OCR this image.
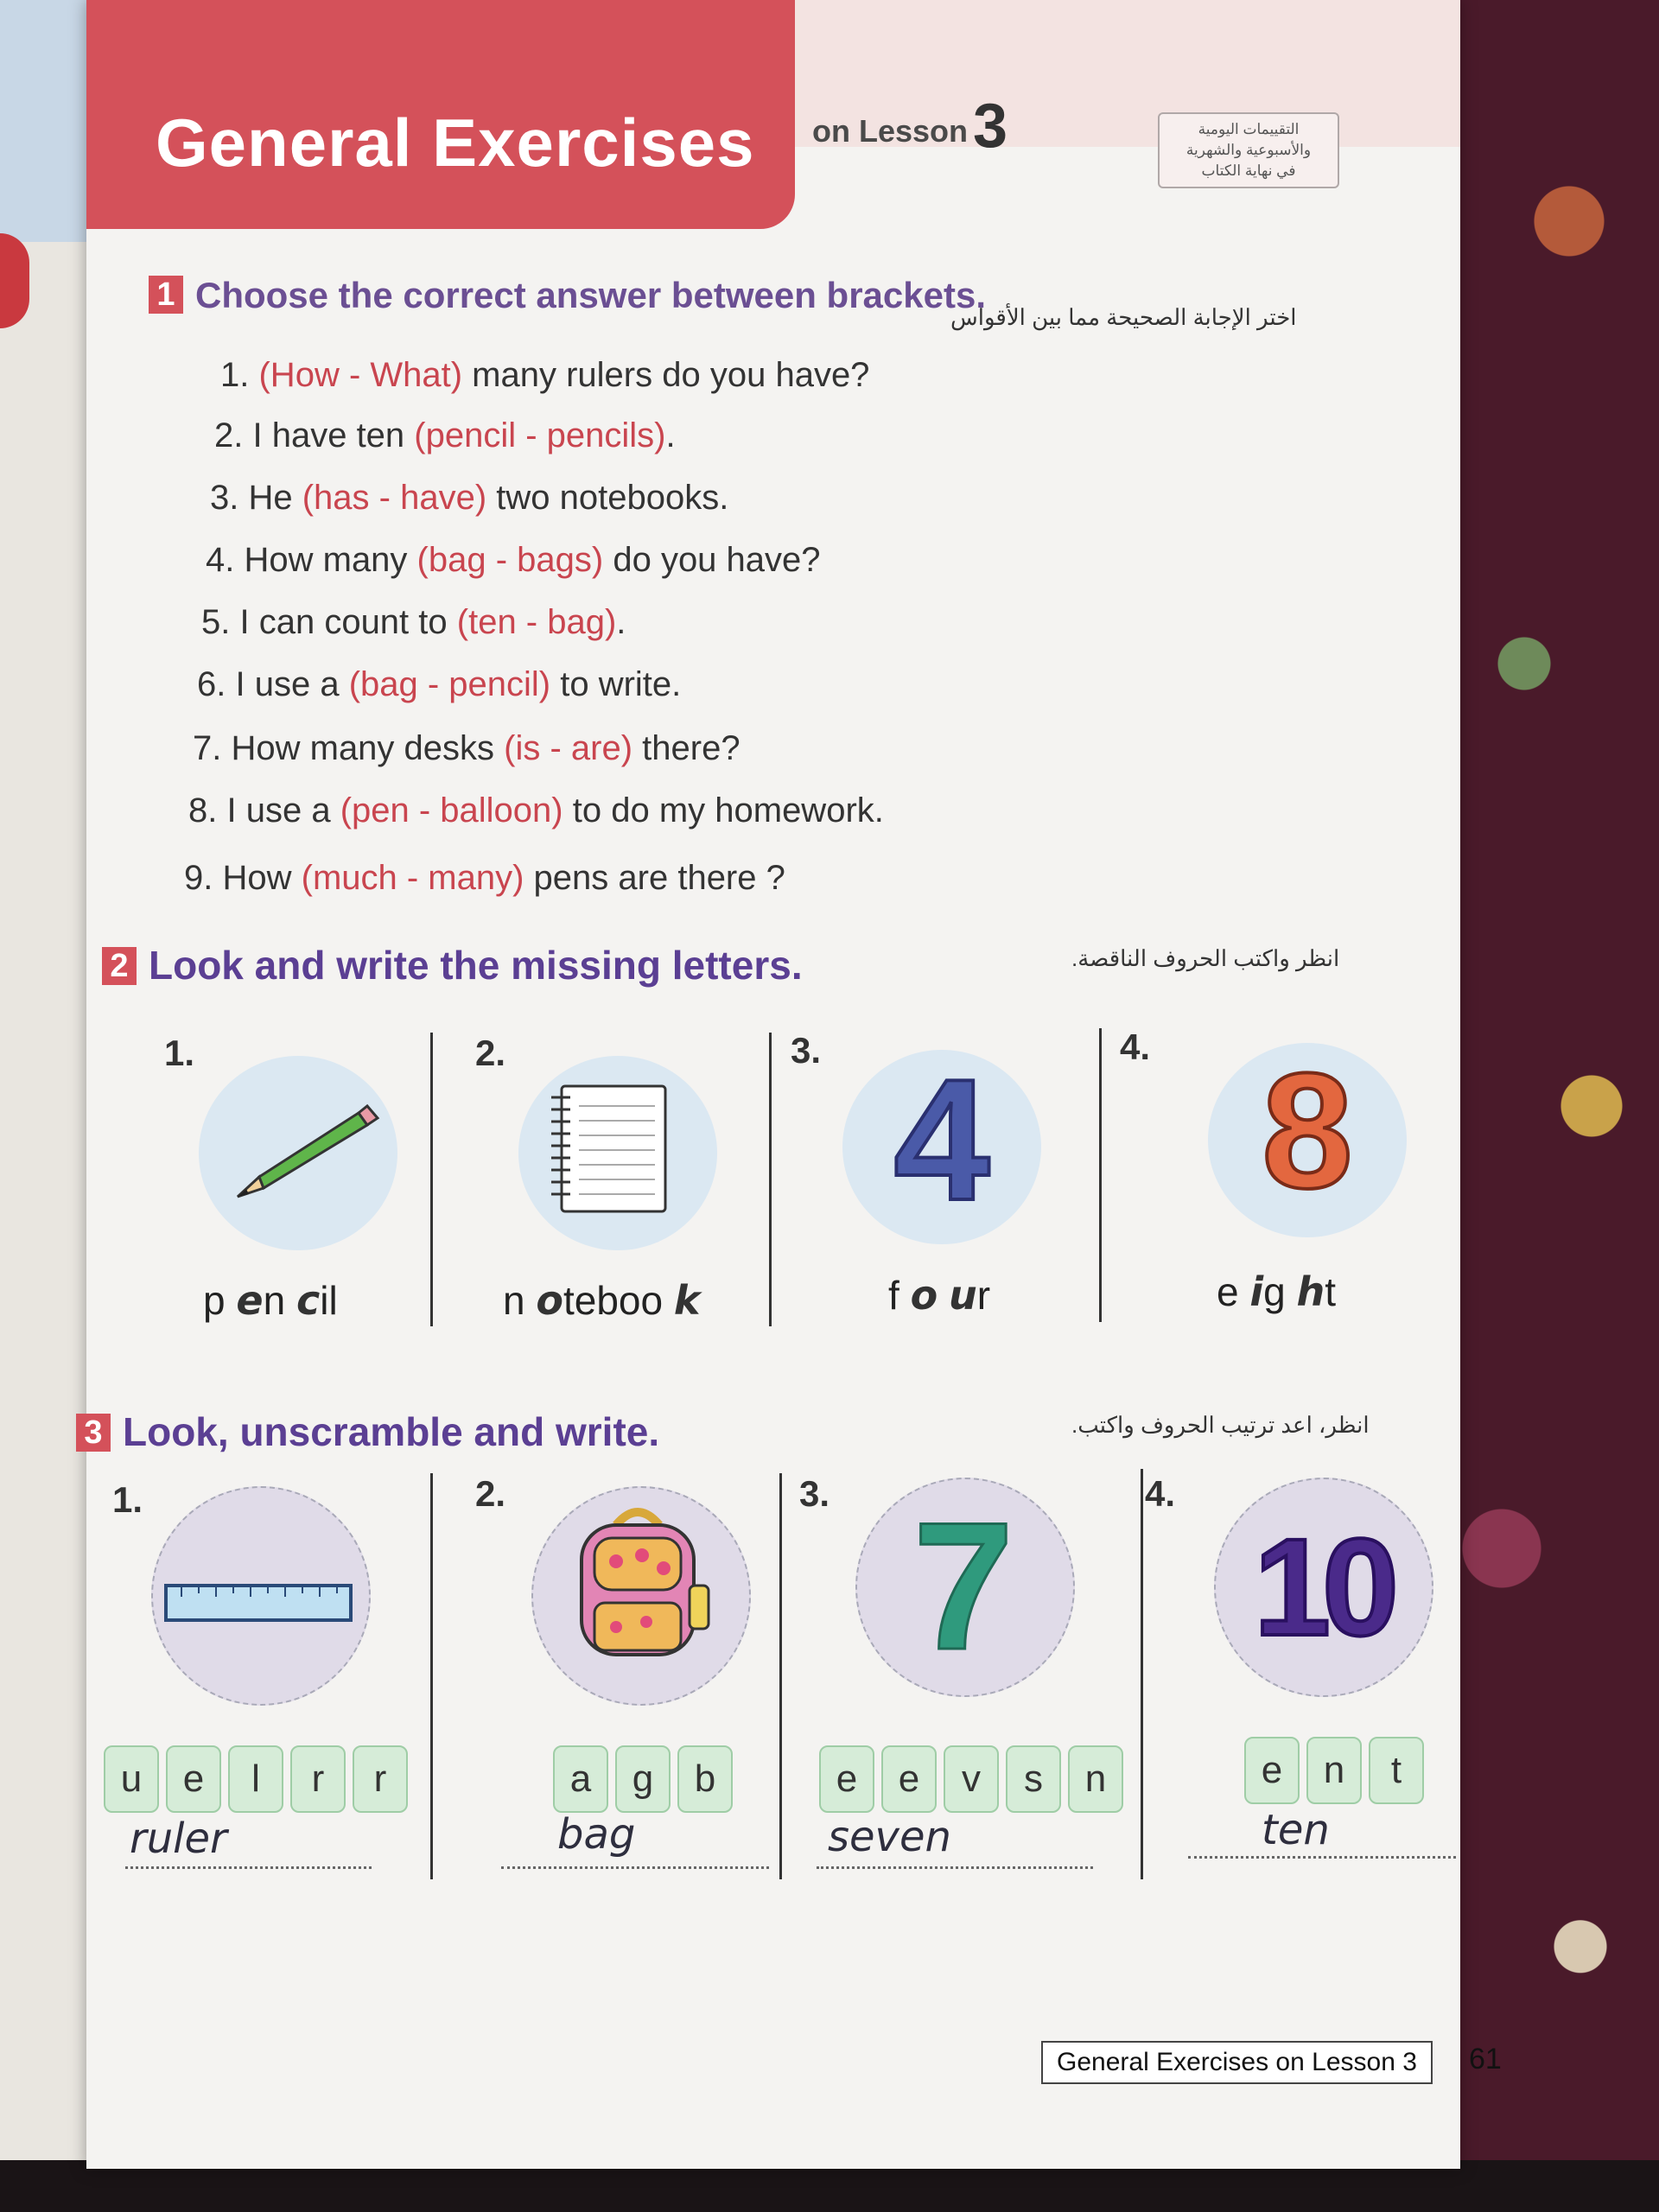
General Exercises on Lesson3	التقييمات اليومية
والأسبوعية والشهرية
في نهاية الكتاب
1 Choose the correct answer between brackets.
اختر الإجابة الصحيحة مما بين الأقواس
1. (How - What) many rulers do you have?
2. I have ten (pencil - pencils).
3. He (has - have) two notebooks.
4. How many (bag - bags) do you have?
5. I can count to (ten - bag).
6. I use a (bag - pencil) to write.
7. How many desks (is - are) there?
8. I use a (pen - balloon) to do my homework.
9. How (much - many) pens are there ?
2 Look and write the missing letters.	انظر واكتب الحروف الناقصة.
1.
p en cil
2.
n oteboo k
3. 4
f o ur
4. 8
e ig ht
3 Look, unscramble and write.	انظر، اعد ترتيب الحروف واكتب.
1.
u	e	l	r	r
ruler
2.
a	g	b
bag
3. 7
e	e	v	s	n
seven
4.
10
e	n	t
ten
General Exercises on Lesson 3	61
